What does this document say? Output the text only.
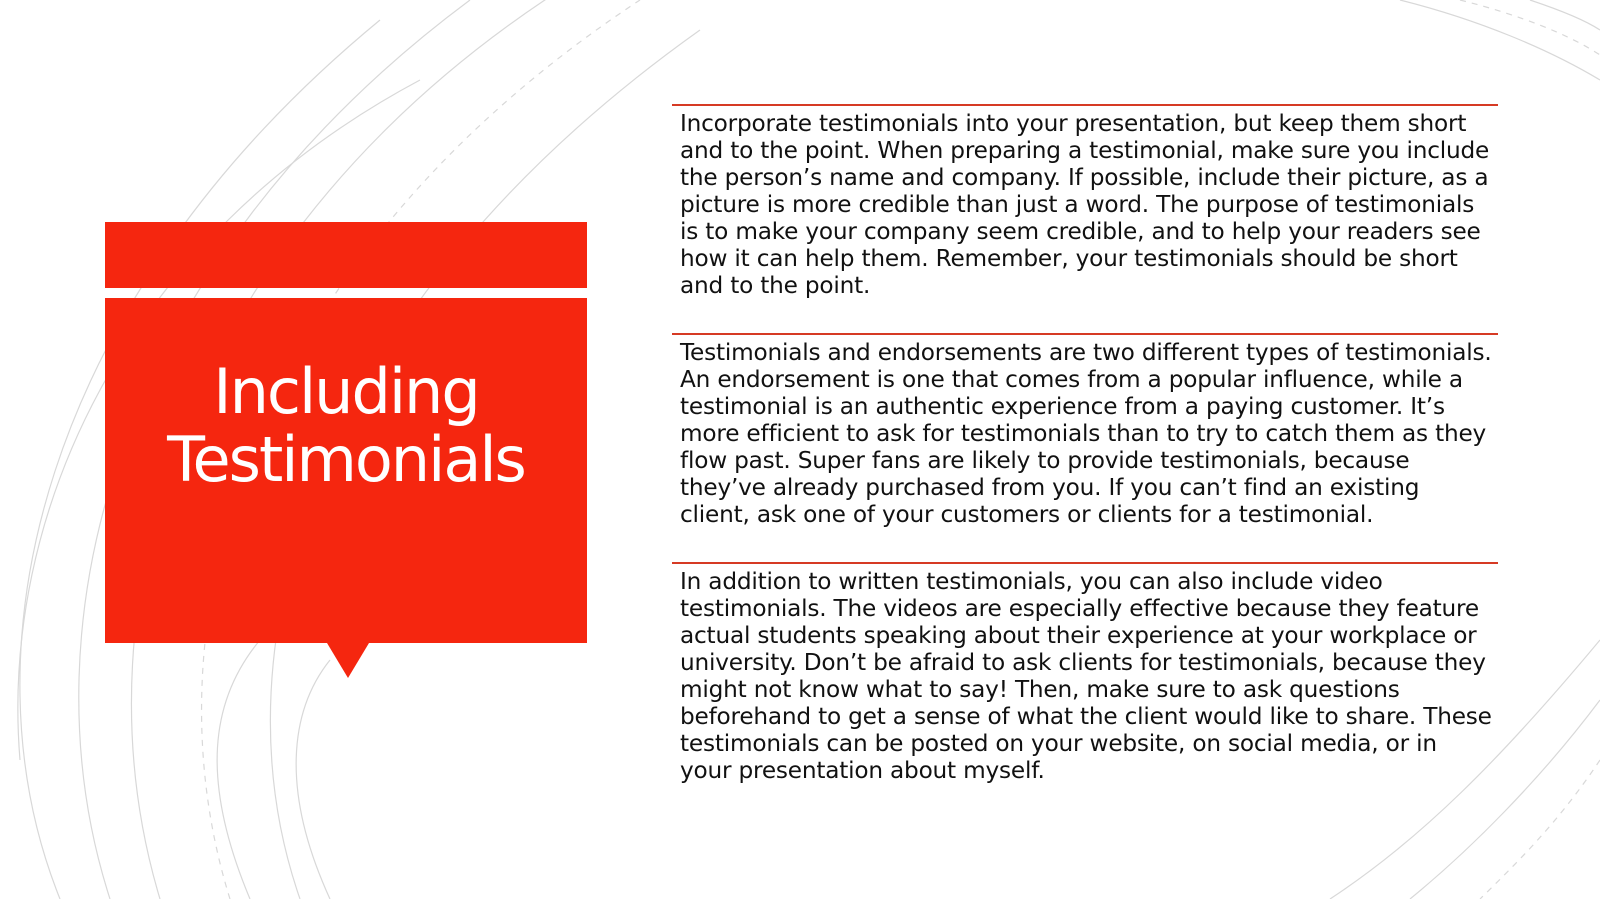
Including
Testimonials

Incorporate testimonials into your presentation, but keep them short and to the point. When preparing a testimonial, make sure you include the person’s name and company. If possible, include their picture, as a picture is more credible than just a word. The purpose of testimonials is to make your company seem credible, and to help your readers see how it can help them. Remember, your testimonials should be short and to the point.

Testimonials and endorsements are two different types of testimonials. An endorsement is one that comes from a popular influence, while a testimonial is an authentic experience from a paying customer. It’s more efficient to ask for testimonials than to try to catch them as they flow past. Super fans are likely to provide testimonials, because they’ve already purchased from you. If you can’t find an existing client, ask one of your customers or clients for a testimonial.

In addition to written testimonials, you can also include video testimonials. The videos are especially effective because they feature actual students speaking about their experience at your workplace or university. Don’t be afraid to ask clients for testimonials, because they might not know what to say! Then, make sure to ask questions beforehand to get a sense of what the client would like to share. These testimonials can be posted on your website, on social media, or in your presentation about myself.
